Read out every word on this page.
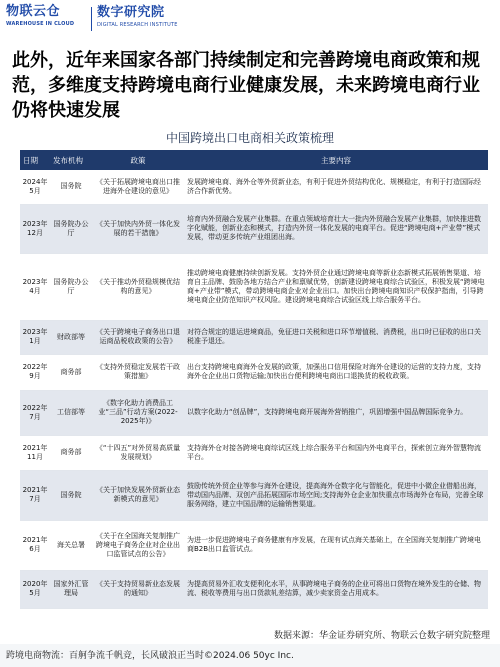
物联云仓
WAREHOUSE IN CLOUD
数字研究院
DIGITAL RESEARCH INSTITUTE
此外，近年来国家各部门持续制定和完善跨境电商政策和规范，多维度支持跨境电商行业健康发展，未来跨境电商行业仍将快速发展
中国跨境出口电商相关政策梳理
日期	发布机构	政策	主要内容
2024年5月	国务院	《关于拓展跨境电商出口推进海外仓建设的意见》	发展跨境电商、海外仓等外贸新业态，有利于促进外贸结构优化、规模稳定，有利于打造国际经济合作新优势。
2023年12月	国务院办公厅	《关于加快内外贸一体化发展的若干措施》	培育内外贸融合发展产业集群。在重点领域培育壮大一批内外贸融合发展产业集群，加快推进数字化赋能，创新业态和模式，打造内外贸一体化发展的电商平台。促进“跨境电商+产业带”模式发展，带动更多传统产业组团出海。
2023年4月	国务院办公厅	《关于推动外贸稳规模优结构的意见》	推动跨境电商健康持续创新发展。支持外贸企业通过跨境电商等新业态新模式拓展销售渠道、培育自主品牌、鼓励各地方结合产业和禀赋优势，创新建设跨境电商综合试验区，积极发展“跨境电商+产业带”模式，带动跨境电商企业对企业出口。加快出台跨境电商知识产权保护指南，引导跨境电商企业防范知识产权风险。建设跨境电商综合试验区线上综合服务平台。
2023年1月	财政部等	《关于跨境电子商务出口退运商品税收政策的公告》	对符合规定的退运进境商品，免征进口关税和进口环节增值税、消费税，出口时已征收的出口关税准予退还。
2022年9月	商务部	《支持外贸稳定发展若干政策措施》	出台支持跨境电商海外仓发展的政策，加强出口信用保险对海外仓建设的运营的支持力度，支持海外仓企业出口货物运输;加快出台便利跨境电商出口退换货的税收政策。
2022年7月	工信部等	《数字化助力消费品工业“三品”行动方案(2022-2025年)》	以数字化助力“创品牌”，支持跨境电商开展海外营销推广，巩固增强中国品牌国际竞争力。
2021年11月	商务部	《“十四五”对外贸易高质量发展规划》	支持海外仓对接各跨境电商综试区线上综合服务平台和国内外电商平台，探索创立海外智慧物流平台。
2021年7月	国务院	《关于加快发展外贸新业态新模式的意见》	鼓励传统外贸企业等参与海外仓建设，提高海外仓数字化与智能化，促进中小微企业借船出海，带动国内品牌、双创产品拓展国际市场空间;支持海外仓企业加快重点市场海外仓布局，完善全球服务网络，建立中国品牌的运输销售渠道。
2021年6月	海关总署	《关于在全国海关复制推广跨境电子商务企业对企业出口监管试点的公告》	为进一步促进跨境电子商务健康有序发展，在现有试点海关基础上，在全国海关复制推广跨境电商B2B出口监管试点。
2020年5月	国家外汇管理局	《关于支持贸易新业态发展的通知》	为提高贸易外汇收支便利化水平，从事跨境电子商务的企业可将出口货物在境外发生的仓储、物流、税收等费用与出口货款轧差结算，减少卖家资金占用成本。
数据来源：华金证券研究所、物联云仓数字研究院整理
跨境电商物流：百舸争流千帆竞，长风破浪正当时©2024.06 50yc Inc.
